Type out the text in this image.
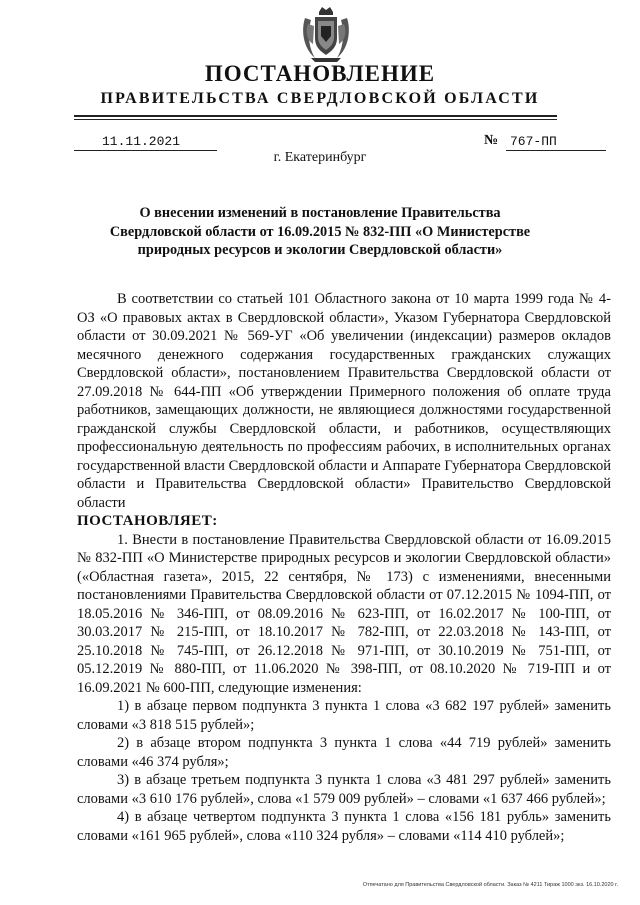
ПОСТАНОВЛЕНИЕ
ПРАВИТЕЛЬСТВА СВЕРДЛОВСКОЙ ОБЛАСТИ
11.11.2021	№ 767-ПП
г. Екатеринбург
О внесении изменений в постановление Правительства Свердловской области от 16.09.2015 № 832-ПП «О Министерстве природных ресурсов и экологии Свердловской области»

В соответствии со статьей 101 Областного закона от 10 марта 1999 года № 4-ОЗ «О правовых актах в Свердловской области», Указом Губернатора Свердловской области от 30.09.2021 № 569-УГ «Об увеличении (индексации) размеров окладов месячного денежного содержания государственных гражданских служащих Свердловской области», постановлением Правительства Свердловской области от 27.09.2018 № 644-ПП «Об утверждении Примерного положения об оплате труда работников, замещающих должности, не являющиеся должностями государственной гражданской службы Свердловской области, и работников, осуществляющих профессиональную деятельность по профессиям рабочих, в исполнительных органах государственной власти Свердловской области и Аппарате Губернатора Свердловской области и Правительства Свердловской области» Правительство Свердловской области

ПОСТАНОВЛЯЕТ:

1. Внести в постановление Правительства Свердловской области от 16.09.2015 № 832-ПП «О Министерстве природных ресурсов и экологии Свердловской области» («Областная газета», 2015, 22 сентября, № 173) с изменениями, внесенными постановлениями Правительства Свердловской области от 07.12.2015 № 1094-ПП, от 18.05.2016 № 346-ПП, от 08.09.2016 № 623-ПП, от 16.02.2017 № 100-ПП, от 30.03.2017 № 215-ПП, от 18.10.2017 № 782-ПП, от 22.03.2018 № 143-ПП, от 25.10.2018 № 745-ПП, от 26.12.2018 № 971-ПП, от 30.10.2019 № 751-ПП, от 05.12.2019 № 880-ПП, от 11.06.2020 № 398-ПП, от 08.10.2020 № 719-ПП и от 16.09.2021 № 600-ПП, следующие изменения:

1) в абзаце первом подпункта 3 пункта 1 слова «3 682 197 рублей» заменить словами «3 818 515 рублей»;

2) в абзаце втором подпункта 3 пункта 1 слова «44 719 рублей» заменить словами «46 374 рубля»;

3) в абзаце третьем подпункта 3 пункта 1 слова «3 481 297 рублей» заменить словами «3 610 176 рублей», слова «1 579 009 рублей» – словами «1 637 466 рублей»;

4) в абзаце четвертом подпункта 3 пункта 1 слова «156 181 рубль» заменить словами «161 965 рублей», слова «110 324 рубля» – словами «114 410 рублей»;

Отпечатано для Правительства Свердловской области. Заказ № 4211 Тираж 1000 экз. 16.10.2020 г.
